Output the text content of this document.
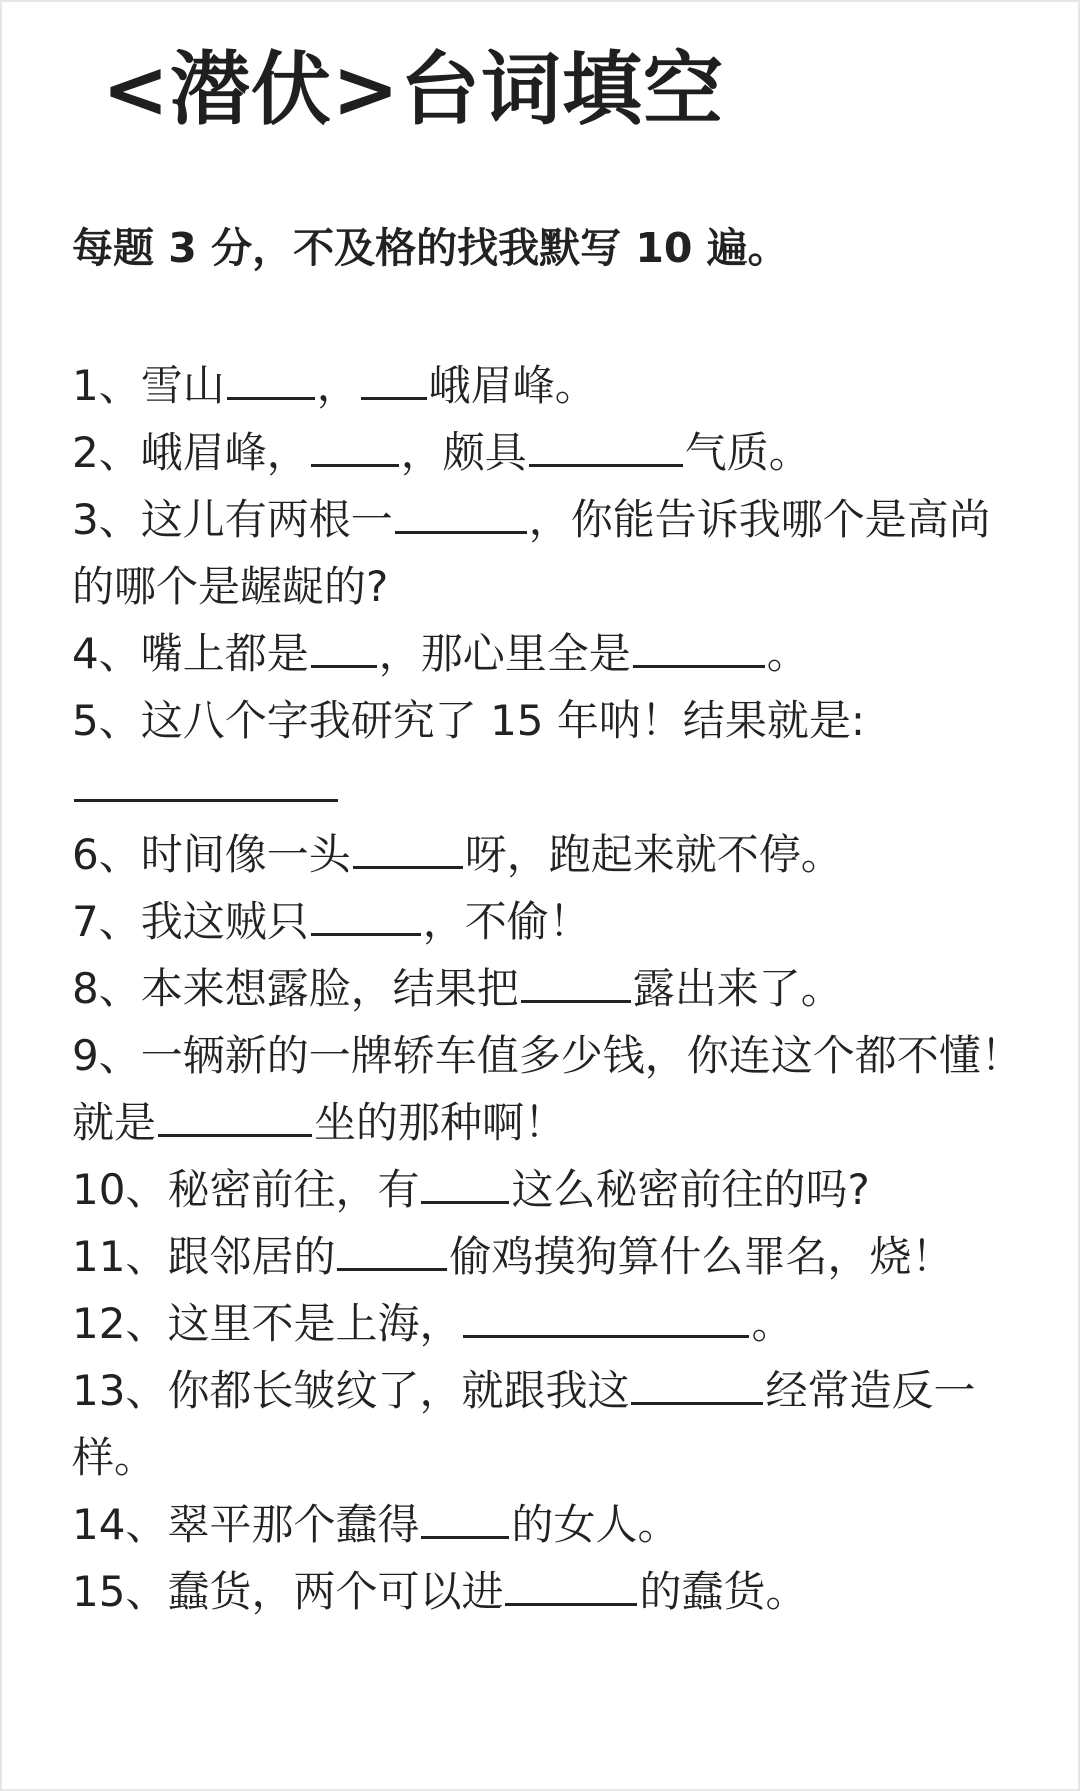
<潜伏>台词填空
每题 3 分，不及格的找我默写 10 遍。
1、雪山 ， 峨眉峰。
2、峨眉峰， ，颇具	气质。
3、这儿有两根一	，你能告诉我哪个是高尚的哪个是龌龊的?
4、嘴上都是 ，那心里全是	。
5、这八个字我研究了 15 年呐！结果就是:
6、时间像一头	呀，跑起来就不停。
7、我这贼只	，不偷！
8、本来想露脸，结果把	露出来了。
9、一辆新的一牌轿车值多少钱，你连这个都不懂！就是	坐的那种啊！
10、秘密前往，有 这么秘密前往的吗?
11、跟邻居的	偷鸡摸狗算什么罪名，烧！
12、这里不是上海，	。
13、你都长皱纹了，就跟我这	经常造反一样。
14、翠平那个蠢得 的女人。
15、蠢货，两个可以进	的蠢货。
